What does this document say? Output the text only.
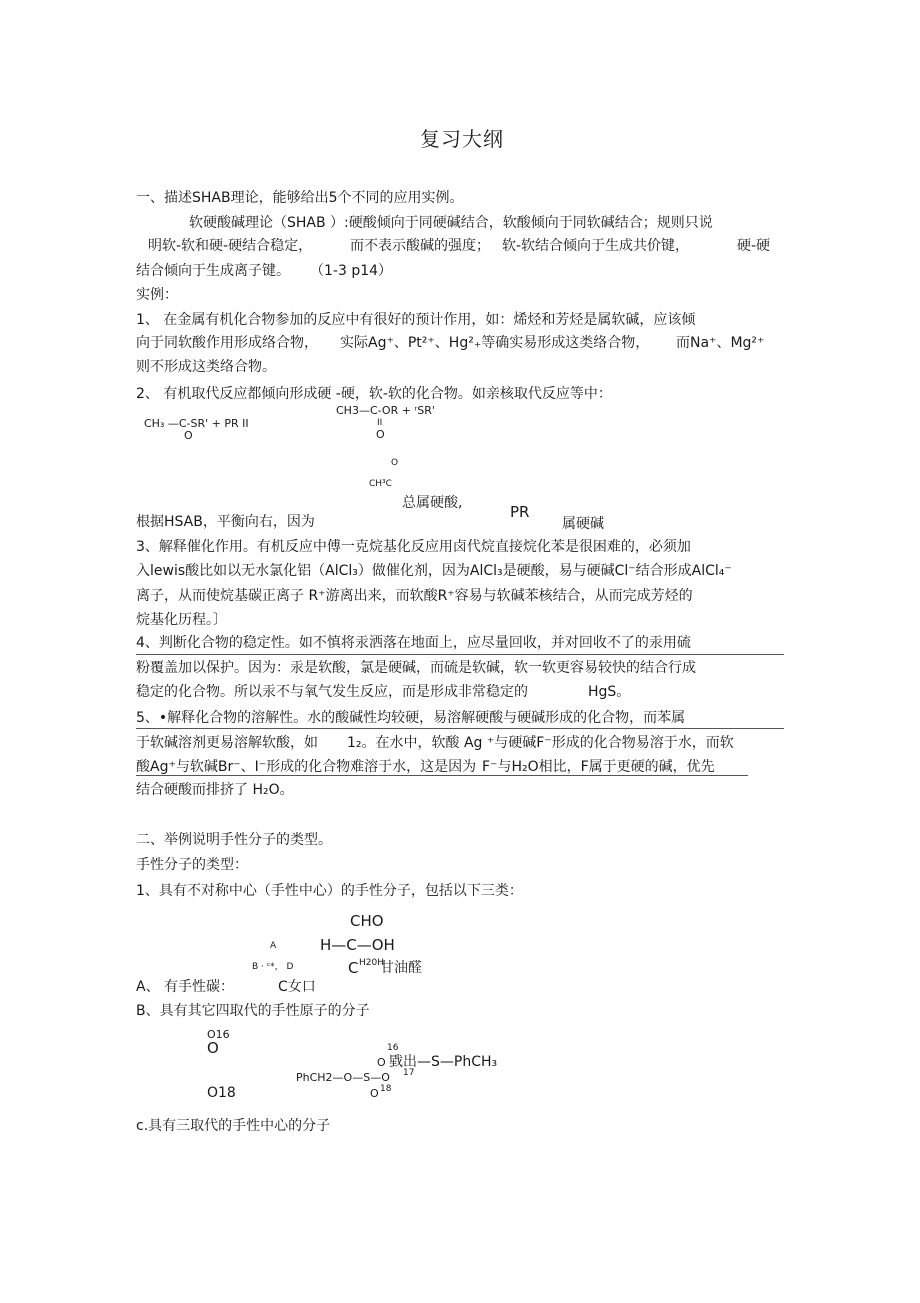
复习大纲
一、描述SHAB理论，能够给出5个不同的应用实例。
软硬酸碱理论（SHAB ）:硬酸倾向于同硬碱结合，软酸倾向于同软碱结合；规则只说
明软-软和硬-硬结合稳定，	而不表示酸碱的强度； 软-软结合倾向于生成共价键，	硬-硬
结合倾向于生成离子键。 （1-3 p14）
实例：
1、 在金属有机化合物参加的反应中有很好的预计作用，如：烯烃和芳烃是属软碱，应该倾
向于同软酸作用形成络合物， 实际Ag⁺、Pt²⁺、Hg²₊等确实易形成这类络合物， 而Na⁺、Mg²⁺
则不形成这类络合物。
2、 有机取代反应都倾向形成硬 -硬，软-软的化合物。如亲核取代反应等中：
CH3—C-OR + ʳSR'
II
O
CH₃ —C-SR' + PR II
O
O
CH³C
总属硬酸,	PR
根据HSAB，平衡向右，因为	属硬碱
3、解释催化作用。有机反应中傅一克烷基化反应用卤代烷直接烷化苯是很困难的，必须加
入lewis酸比如以无水氯化铝（AlCl₃）做催化剂，因为AlCl₃是硬酸，易与硬碱Cl⁻结合形成AlCl₄⁻
离子，从而使烷基碳正离子 R⁺游离出来，而软酸R⁺容易与软碱苯核结合，从而完成芳烃的
烷基化历程。〕
4、判断化合物的稳定性。如不慎将汞洒落在地面上，应尽量回收，并对回收不了的汞用硫
粉覆盖加以保护。因为：汞是软酸，氯是硬碱，而硫是软碱，软一软更容易较快的结合行成
稳定的化合物。所以汞不与氧气发生反应，而是形成非常稳定的	HgS。
5、•解释化合物的溶解性。水的酸碱性均较硬，易溶解硬酸与硬碱形成的化合物，而苯属
于软碱溶剂更易溶解软酸，如 1₂。在水中，软酸 Ag ⁺与硬碱F⁻形成的化合物易溶于水，而软
酸Ag⁺与软碱Br⁻、I⁻形成的化合物难溶于水，这是因为 F⁻与H₂O相比，F属于更硬的碱，优先
结合硬酸而排挤了 H₂O。
二、举例说明手性分子的类型。
手性分子的类型：
1、具有不对称中心（手性中心）的手性分子，包括以下三类：
CHO
A	H—C—OH
B · ᶜ*， D	C H20H
甘油醛
A、 有手性碳：	C女口
B、具有其它四取代的手性原子的分子
O16
O	16
O 戥出—S—PhCH₃
PhCH2—O—S—O 17
O18	O 18
c.具有三取代的手性中心的分子
